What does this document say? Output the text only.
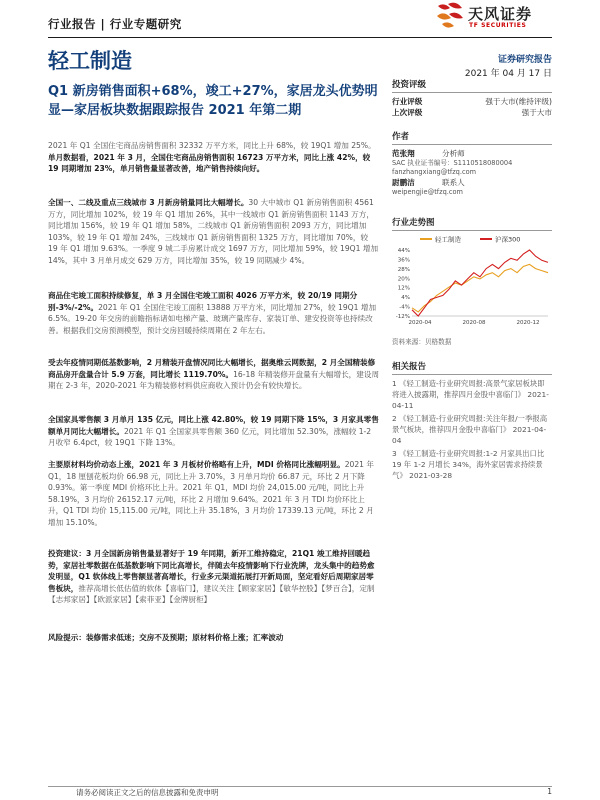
行业报告 | 行业专题研究
天风证券
TF SECURITIES
轻工制造	证券研究报告
2021 年 04 月 17 日
Q1 新房销售面积+68%，竣工+27%，家居龙头优势明显—家居板块数据跟踪报告 2021 年第二期
2021 年 Q1 全国住宅商品房销售面积 32332 万平方米，同比上升 68%，较 19Q1 增加 25%。单月数据看，2021 年 3 月，全国住宅商品房销售面积 16723 万平方米，同比上涨 42%，较 19 同期增加 23%，单月销售量显著改善，地产销售持续向好。
全国一、二线及重点三线城市 3 月新房销量同比大幅增长。30 大中城市 Q1 新房销售面积 4561 万方，同比增加 102%，较 19 年 Q1 增加 26%，其中一线城市 Q1 新房销售面积 1143 万方，同比增加 156%，较 19 年 Q1 增加 58%，二线城市 Q1 新房销售面积 2093 万方，同比增加 103%，较 19 年 Q1 增加 24%，三线城市 Q1 新房销售面积 1325 万方，同比增加 70%，较 19 年 Q1 增加 9.63%。一季度 9 城二手房累计成交 1697 万方，同比增加 59%，较 19Q1 增加 14%，其中 3 月单月成交 629 万方，同比增加 35%，较 19 同期减少 4%。
商品住宅竣工面积持续修复，单 3 月全国住宅竣工面积 4026 万平方米，较 20/19 同期分别-3%/-2%。2021 年 Q1 全国住宅竣工面积 13888 万平方米，同比增加 27%，较 19Q1 增加 6.5%。19-20 年交房的前瞻指标诸如电梯产量、玻璃产量库存、家装订单、建安投资等也持续改善。根据我们交房预测模型，预计交房回暖持续周期在 2 年左右。
受去年疫情同期低基数影响，2 月精装开盘情况同比大幅增长，据奥维云网数据，2 月全国精装修商品房开盘量合计 5.9 万套，同比增长 1119.70%。16-18 年精装修开盘量有大幅增长，建设周期在 2-3 年，2020-2021 年为精装修材料供应商收入预计仍会有较快增长。
全国家具零售额 3 月单月 135 亿元，同比上涨 42.80%，较 19 同期下降 15%，3 月家具零售额单月同比大幅增长。2021 年 Q1 全国家具零售额 360 亿元，同比增加 52.30%，涨幅较 1-2 月收窄 6.4pct，较 19Q1 下降 13%。
主要原材料均价动态上涨，2021 年 3 月板材价格略有上升，MDI 价格同比涨幅明显。2021 年 Q1，18 厘刨花板均价 66.98 元，同比上升 3.70%，3 月单月均价 66.87 元，环比 2 月下降 0.93%。第一季度 MDI 价格环比上升。2021 年 Q1，MDI 均价 24,015.00 元/吨，同比上升 58.19%，3 月均价 26152.17 元/吨，环比 2 月增加 9.64%。2021 年 3 月 TDI 均价环比上升，Q1 TDI 均价 15,115.00 元/吨，同比上升 35.18%，3 月均价 17339.13 元/吨，环比 2 月增加 15.10%。
投资建议：3 月全国新房销售量显著好于 19 年同期，新开工维持稳定，21Q1 竣工维持回暖趋势，家居社零数据在低基数影响下同比高增长，伴随去年疫情影响下行业洗牌，龙头集中的趋势愈发明显，Q1 软体线上零售额显著高增长，行业多元渠道拓展打开新局面，坚定看好后周期家居零售板块，推荐高增长低估值的软体【喜临门】，建议关注【顾家家居】【敏华控股】【梦百合】，定制【志邦家居】【欧派家居】【索菲亚】【金牌厨柜】
风险提示：装修需求低迷；交房不及预期；原材料价格上涨；汇率波动
投资评级
行业评级	强于大市(维持评级)
上次评级	强于大市
作者
范张翔	分析师
SAC 执业证书编号：S1110518080004
fanzhangxiang@tfzq.com
尉鹏洁	联系人
weipengjie@tfzq.com
行业走势图
轻工制造	沪深300
44%
36%
28%
20%
12%
4%
-4%
-12%
2020-04	2020-08	2020-12
资料来源：贝格数据
相关报告
1 《轻工制造-行业研究周报:高景气家居板块即将进入披露期，推荐四月金股中喜临门》 2021-04-11
2 《轻工制造-行业研究周报:关注年报/一季报高景气板块，推荐四月金股中喜临门》 2021-04-04
3 《轻工制造-行业研究周报:1-2 月家具出口比 19 年 1-2 月增长 34%，海外家居需求持续景气》 2021-03-28
请务必阅读正文之后的信息披露和免责申明	1
